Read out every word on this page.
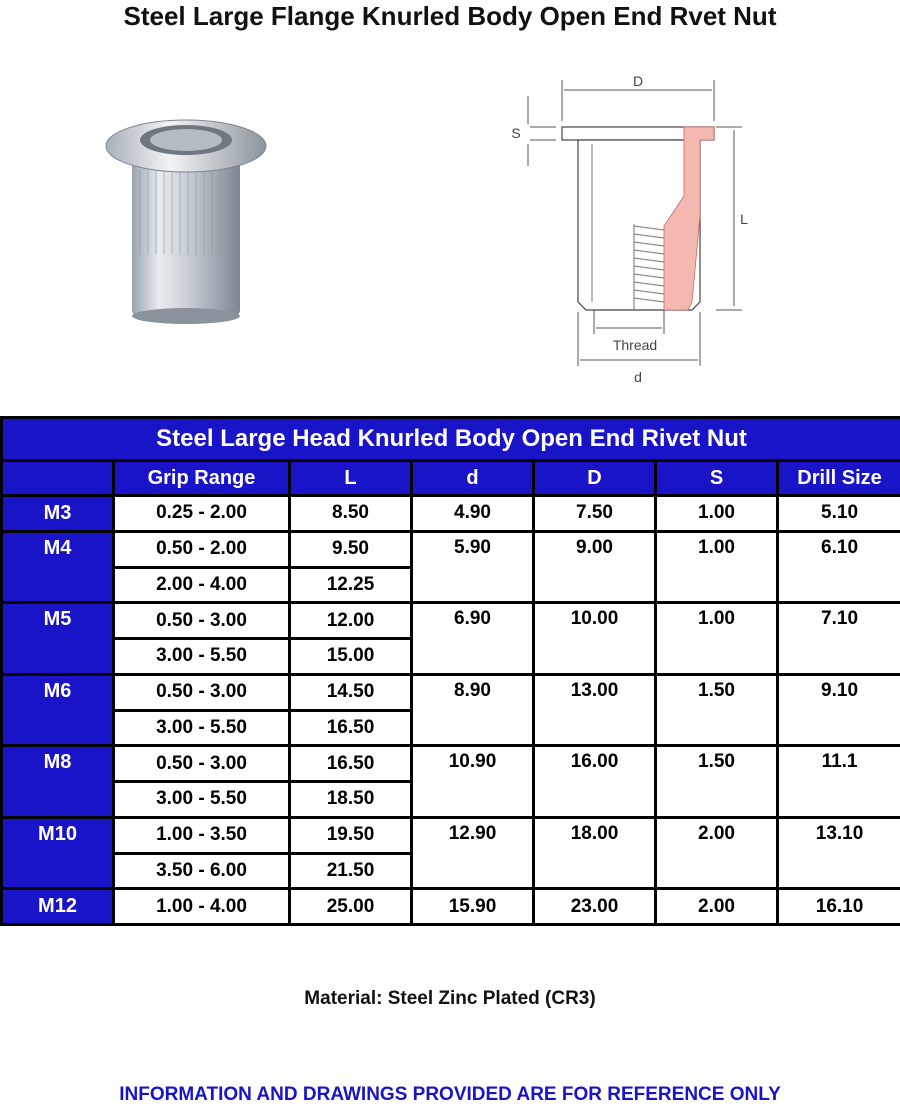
Steel Large Flange Knurled Body Open End Rvet Nut
D
S
L
Thread
d
Steel Large Head Knurled Body Open End Rivet Nut						
	Grip Range	L	d	D	S	Drill Size
M3	0.25 - 2.00	8.50	4.90	7.50	1.00	5.10
M4	0.50 - 2.00	9.50	5.90	9.00	1.00	6.10
	2.00 - 4.00	12.25				
M5	0.50 - 3.00	12.00	6.90	10.00	1.00	7.10
	3.00 - 5.50	15.00				
M6	0.50 - 3.00	14.50	8.90	13.00	1.50	9.10
	3.00 - 5.50	16.50				
M8	0.50 - 3.00	16.50	10.90	16.00	1.50	11.1
	3.00 - 5.50	18.50				
M10	1.00 - 3.50	19.50	12.90	18.00	2.00	13.10
	3.50 - 6.00	21.50				
M12	1.00 - 4.00	25.00	15.90	23.00	2.00	16.10
Material: Steel Zinc Plated (CR3)
INFORMATION AND DRAWINGS PROVIDED ARE FOR REFERENCE ONLY
